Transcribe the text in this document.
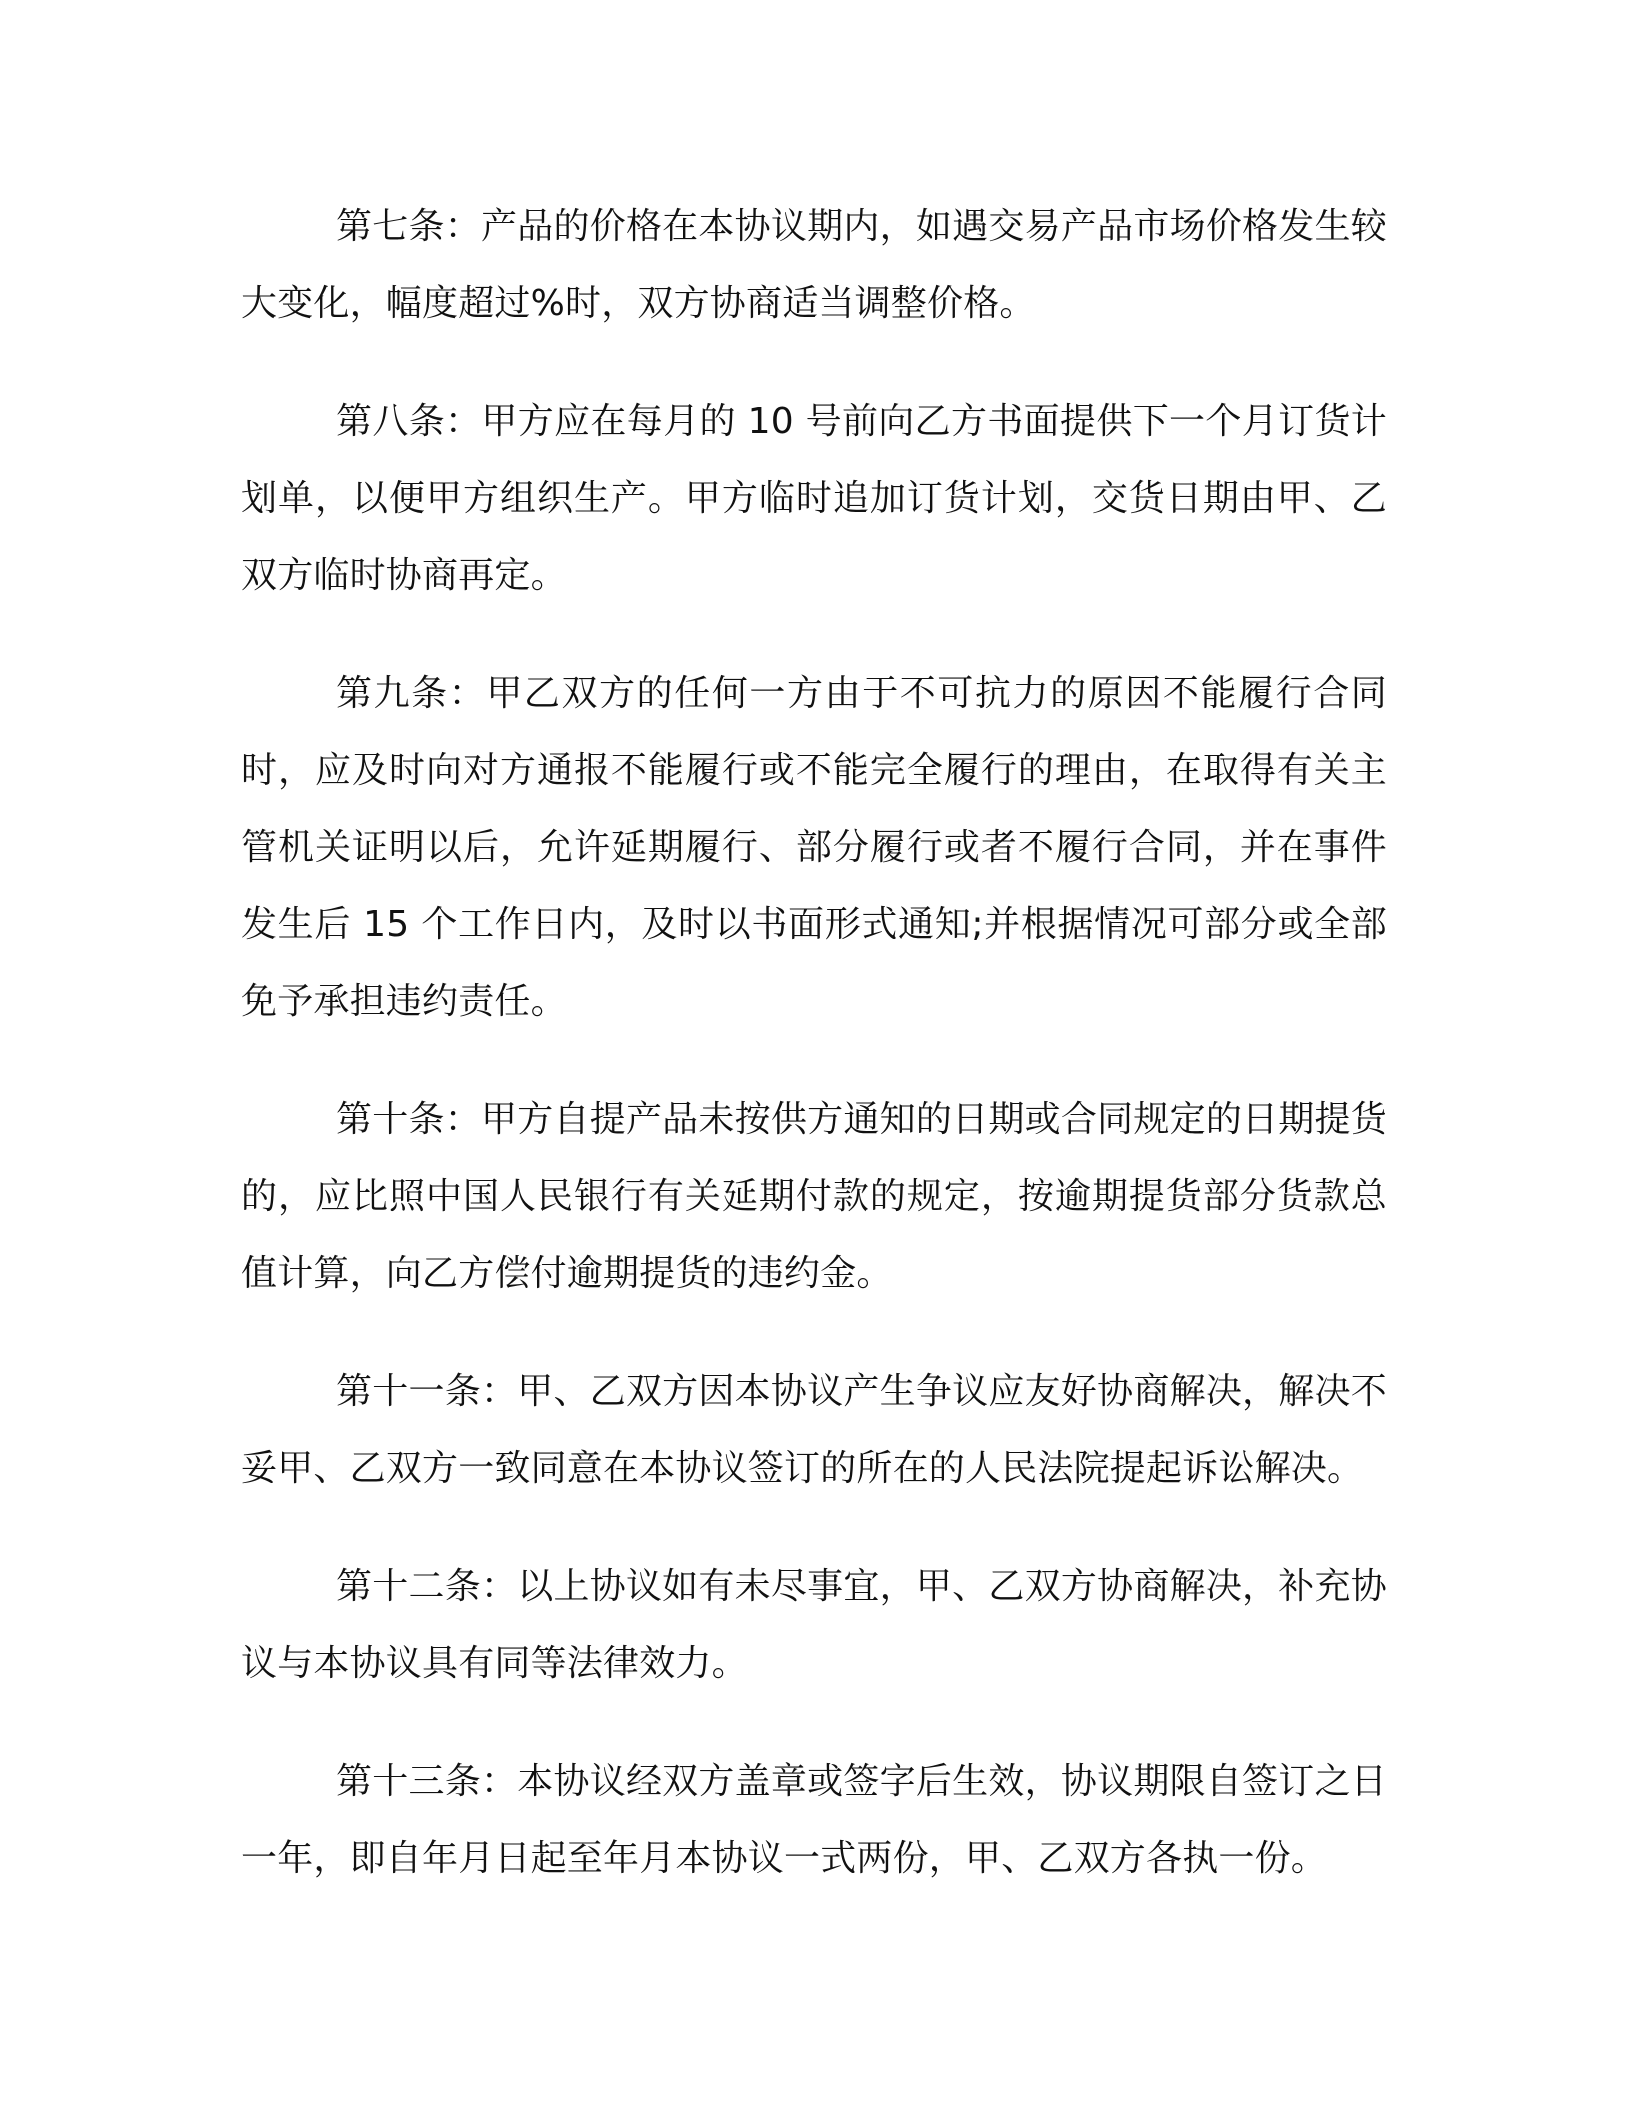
第七条：产品的价格在本协议期内，如遇交易产品市场价格发生较大变化，幅度超过%时，双方协商适当调整价格。

第八条：甲方应在每月的 10 号前向乙方书面提供下一个月订货计划单，以便甲方组织生产。甲方临时追加订货计划，交货日期由甲、乙双方临时协商再定。

第九条：甲乙双方的任何一方由于不可抗力的原因不能履行合同时，应及时向对方通报不能履行或不能完全履行的理由，在取得有关主管机关证明以后，允许延期履行、部分履行或者不履行合同，并在事件发生后 15 个工作日内，及时以书面形式通知;并根据情况可部分或全部免予承担违约责任。

第十条：甲方自提产品未按供方通知的日期或合同规定的日期提货的，应比照中国人民银行有关延期付款的规定，按逾期提货部分货款总值计算，向乙方偿付逾期提货的违约金。

第十一条：甲、乙双方因本协议产生争议应友好协商解决，解决不妥甲、乙双方一致同意在本协议签订的所在的人民法院提起诉讼解决。

第十二条：以上协议如有未尽事宜，甲、乙双方协商解决，补充协议与本协议具有同等法律效力。

第十三条：本协议经双方盖章或签字后生效，协议期限自签订之日一年，即自年月日起至年月本协议一式两份，甲、乙双方各执一份。
